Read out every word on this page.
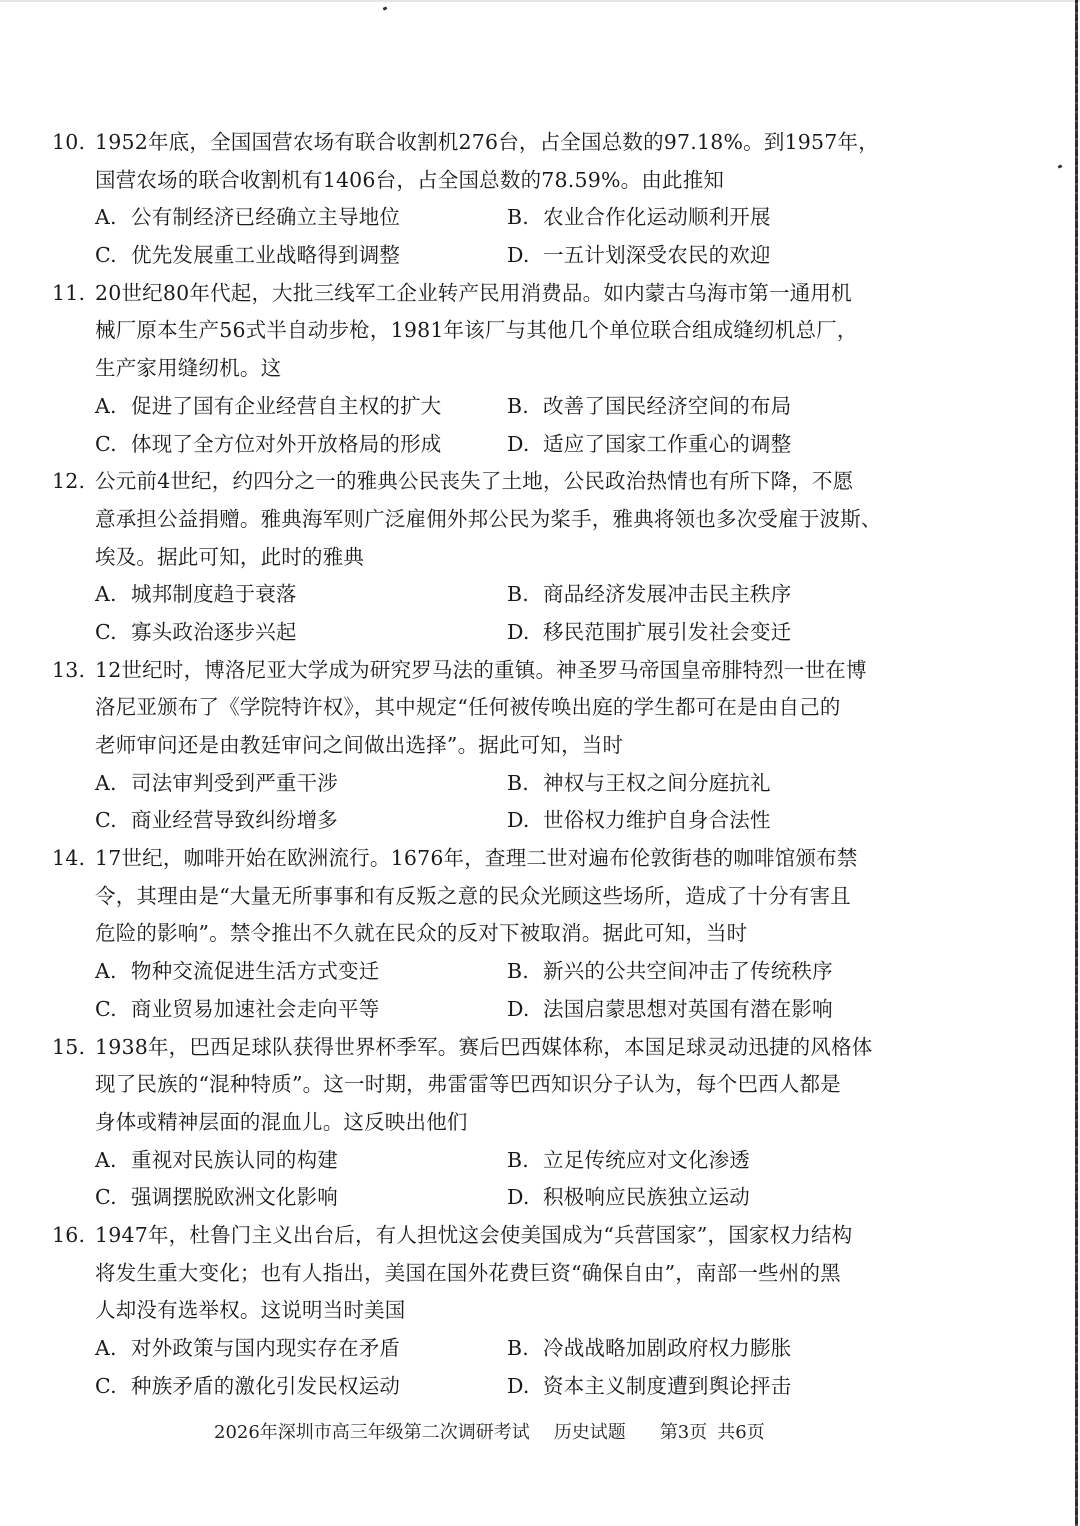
10. 1952年底，全国国营农场有联合收割机276台，占全国总数的97.18%。到1957年，
国营农场的联合收割机有1406台，占全国总数的78.59%。由此推知
A. 公有制经济已经确立主导地位	B. 农业合作化运动顺利开展
C. 优先发展重工业战略得到调整	D. 一五计划深受农民的欢迎
11. 20世纪80年代起，大批三线军工企业转产民用消费品。如内蒙古乌海市第一通用机
械厂原本生产56式半自动步枪，1981年该厂与其他几个单位联合组成缝纫机总厂，
生产家用缝纫机。这
A. 促进了国有企业经营自主权的扩大	B. 改善了国民经济空间的布局
C. 体现了全方位对外开放格局的形成	D. 适应了国家工作重心的调整
12. 公元前4世纪，约四分之一的雅典公民丧失了土地，公民政治热情也有所下降，不愿
意承担公益捐赠。雅典海军则广泛雇佣外邦公民为桨手，雅典将领也多次受雇于波斯、
埃及。据此可知，此时的雅典
A. 城邦制度趋于衰落	B. 商品经济发展冲击民主秩序
C. 寡头政治逐步兴起	D. 移民范围扩展引发社会变迁
13. 12世纪时，博洛尼亚大学成为研究罗马法的重镇。神圣罗马帝国皇帝腓特烈一世在博
洛尼亚颁布了《学院特许权》，其中规定“任何被传唤出庭的学生都可在是由自己的
老师审问还是由教廷审问之间做出选择”。据此可知，当时
A. 司法审判受到严重干涉	B. 神权与王权之间分庭抗礼
C. 商业经营导致纠纷增多	D. 世俗权力维护自身合法性
14. 17世纪，咖啡开始在欧洲流行。1676年，查理二世对遍布伦敦街巷的咖啡馆颁布禁
令，其理由是“大量无所事事和有反叛之意的民众光顾这些场所，造成了十分有害且
危险的影响”。禁令推出不久就在民众的反对下被取消。据此可知，当时
A. 物种交流促进生活方式变迁	B. 新兴的公共空间冲击了传统秩序
C. 商业贸易加速社会走向平等	D. 法国启蒙思想对英国有潜在影响
15. 1938年，巴西足球队获得世界杯季军。赛后巴西媒体称，本国足球灵动迅捷的风格体
现了民族的“混种特质”。这一时期，弗雷雷等巴西知识分子认为，每个巴西人都是
身体或精神层面的混血儿。这反映出他们
A. 重视对民族认同的构建	B. 立足传统应对文化渗透
C. 强调摆脱欧洲文化影响	D. 积极响应民族独立运动
16. 1947年，杜鲁门主义出台后，有人担忧这会使美国成为“兵营国家”，国家权力结构
将发生重大变化；也有人指出，美国在国外花费巨资“确保自由”，南部一些州的黑
人却没有选举权。这说明当时美国
A. 对外政策与国内现实存在矛盾	B. 冷战战略加剧政府权力膨胀
C. 种族矛盾的激化引发民权运动	D. 资本主义制度遭到舆论抨击
2026年深圳市高三年级第二次调研考试 历史试题 第3页 共6页
